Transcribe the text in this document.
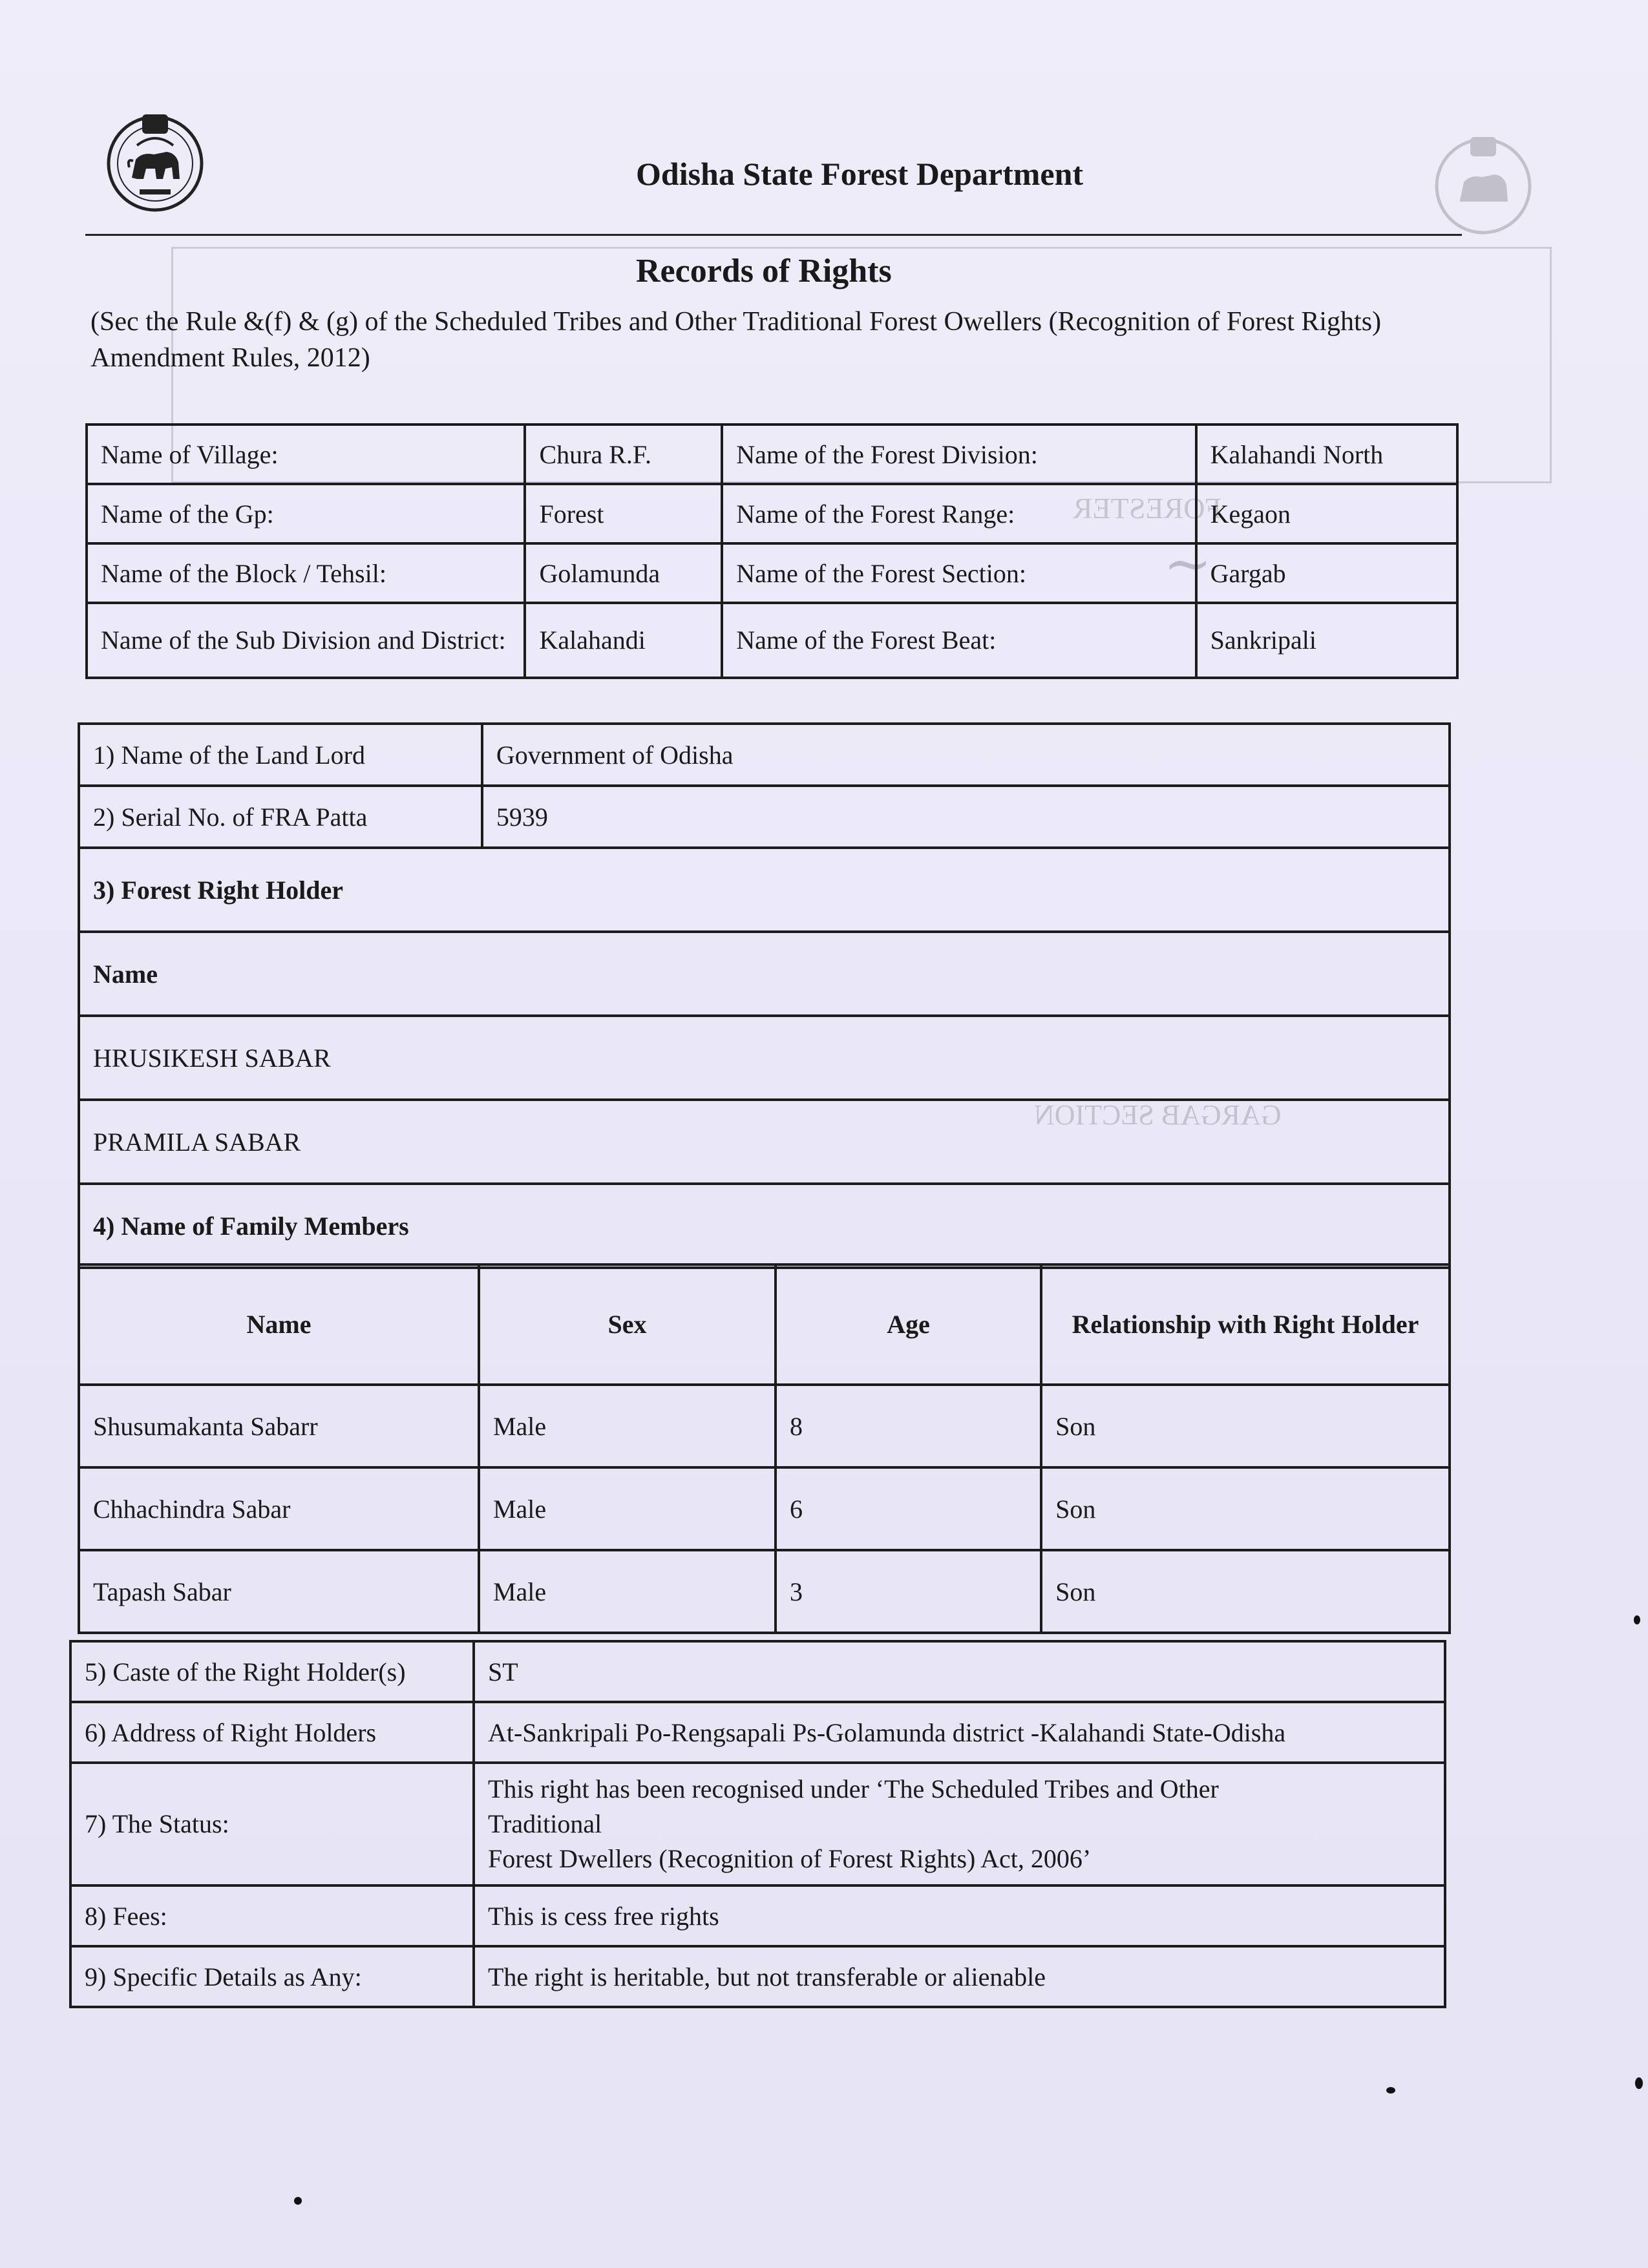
FORESTER
GARGAB SECTION
~
Odisha State Forest Department
Records of Rights
(Sec the Rule &(f) & (g) of the Scheduled Tribes and Other Traditional Forest Owellers (Recognition of Forest Rights) Amendment Rules, 2012)
Name of Village:	Chura R.F.	Name of the Forest Division:	Kalahandi North
Name of the Gp:	Forest	Name of the Forest Range:	Kegaon
Name of the Block / Tehsil:	Golamunda	Name of the Forest Section:	Gargab
Name of the Sub Division and District:	Kalahandi	Name of the Forest Beat:	Sankripali
1) Name of the Land Lord	Government of Odisha
2) Serial No. of FRA Patta	5939
3) Forest Right Holder	
Name	
HRUSIKESH SABAR	
PRAMILA SABAR	
4) Name of Family Members	
Name	Sex	Age	Relationship with Right Holder
Shusumakanta Sabarr	Male	8	Son
Chhachindra Sabar	Male	6	Son
Tapash Sabar	Male	3	Son
5) Caste of the Right Holder(s)	ST
6) Address of Right Holders	At-Sankripali Po-Rengsapali Ps-Golamunda district -Kalahandi State-Odisha
7) The Status:	This right has been recognised under ‘The Scheduled Tribes and Other
Traditional
Forest Dwellers (Recognition of Forest Rights) Act, 2006’

8) Fees:	This is cess free rights
9) Specific Details as Any:	The right is heritable, but not transferable or alienable
